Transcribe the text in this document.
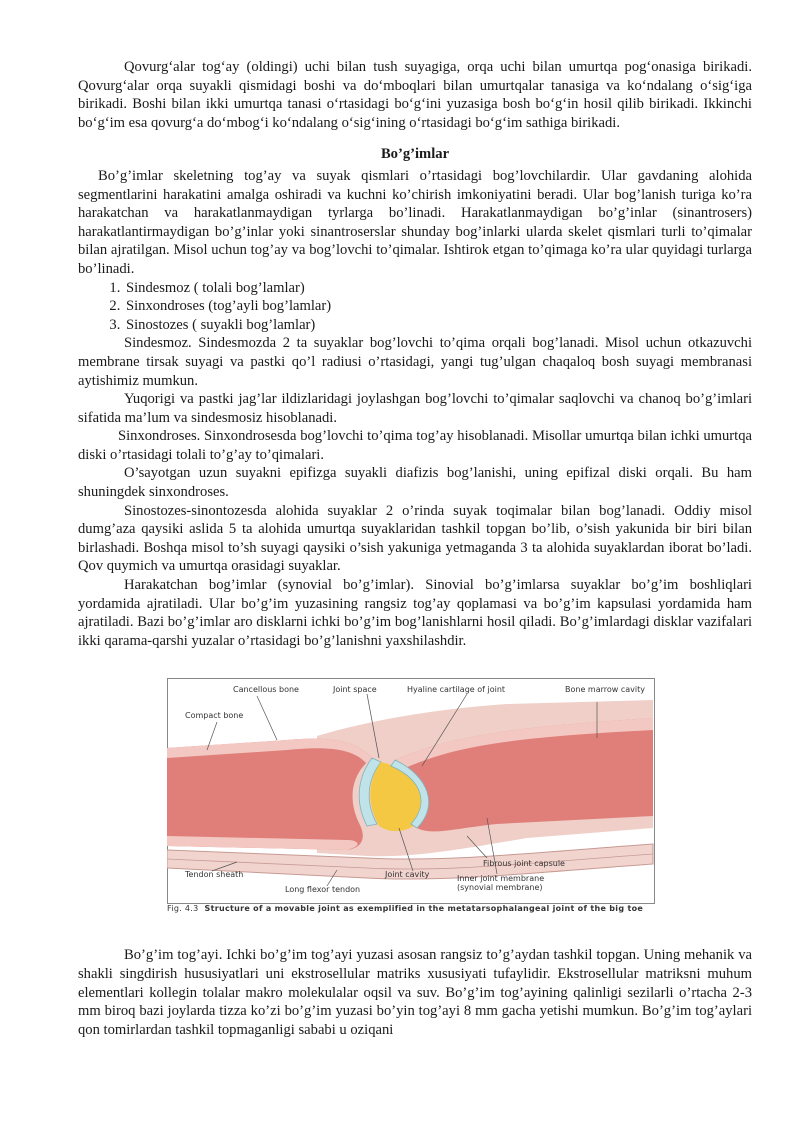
Qovurg‘alar tog‘ay (oldingi) uchi bilan tush suyagiga, orqa uchi bilan umurtqa pog‘onasiga birikadi. Qovurg‘alar orqa suyakli qismidagi boshi va do‘mboqlari bilan umurtqalar tanasiga va ko‘ndalang o‘sig‘iga birikadi. Boshi bilan ikki umurtqa tanasi o‘rtasidagi bo‘g‘ini yuzasiga bosh bo‘g‘in hosil qilib birikadi. Ikkinchi bo‘g‘im esa qovurg‘a do‘mbog‘i ko‘ndalang o‘sig‘ining o‘rtasidagi bo‘g‘im sathiga birikadi.

Bo’g’imlar

Bo’g’imlar skeletning tog’ay va suyak qismlari o’rtasidagi bog’lovchilardir. Ular gavdaning alohida segmentlarini harakatini amalga oshiradi va kuchni ko’chirish imkoniyatini beradi. Ular bog’lanish turiga ko’ra harakatchan va harakatlanmaydigan tyrlarga bo’linadi. Harakatlanmaydigan bo’g’inlar (sinantrosers) harakatlantirmaydigan bo’g’inlar yoki sinantroserslar shunday bog’inlarki ularda skelet qismlari turli to’qimalar bilan ajratilgan. Misol uchun tog’ay va bog’lovchi to’qimalar. Ishtirok etgan to’qimaga ko’ra ular quyidagi turlarga bo’linadi.

1. Sindesmoz ( tolali bog’lamlar)
2. Sinxondroses (tog’ayli bog’lamlar)
3. Sinostozes ( suyakli bog’lamlar)

Sindesmoz. Sindesmozda 2 ta suyaklar bog’lovchi to’qima orqali bog’lanadi. Misol uchun otkazuvchi membrane tirsak suyagi va pastki qo’l radiusi o’rtasidagi, yangi tug’ulgan chaqaloq bosh suyagi membranasi aytishimiz mumkun.

Yuqorigi va pastki jag’lar ildizlaridagi joylashgan bog’lovchi to’qimalar saqlovchi va chanoq bo’g’imlari sifatida ma’lum va sindesmosiz hisoblanadi.

Sinxondroses. Sinxondrosesda bog’lovchi to’qima tog’ay hisoblanadi. Misollar umurtqa bilan ichki umurtqa diski o’rtasidagi tolali to’g’ay to’qimalari.

O’sayotgan uzun suyakni epifizga suyakli diafizis bog’lanishi, uning epifizal diski orqali. Bu ham shuningdek sinxondroses.

Sinostozes-sinontozesda alohida suyaklar 2 o’rinda suyak toqimalar bilan bog’lanadi. Oddiy misol dumg’aza qaysiki aslida 5 ta alohida umurtqa suyaklaridan tashkil topgan bo’lib, o’sish yakunida bir biri bilan birlashadi. Boshqa misol to’sh suyagi qaysiki o’sish yakuniga yetmaganda 3 ta alohida suyaklardan iborat bo’ladi. Qov quymich va umurtqa orasidagi suyaklar.

Harakatchan bog’imlar (synovial bo’g’imlar). Sinovial bo’g’imlarsa suyaklar bo’g’im boshliqlari yordamida ajratiladi. Ular bo’g’im yuzasining rangsiz tog’ay qoplamasi va bo’g’im kapsulasi yordamida ham ajratiladi. Bazi bo’g’imlar aro disklarni ichki bo’g’im bog’lanishlarni hosil qiladi. Bo’g’imlardagi disklar vazifalari ikki qarama-qarshi yuzalar o’rtasidagi bo’g’lanishni yaxshilashdir.

Cancellous bone	Joint space	Hyaline cartilage of joint	Bone marrow cavity
Compact bone
Tendon sheath	Joint cavity
Fibrous joint capsule
Inner joint membrane
(synovial membrane)
Long flexor tendon
Fig. 4.3 Structure of a movable joint as exemplified in the metatarsophalangeal joint of the big toe

Bo’g’im tog’ayi. Ichki bo’g’im tog’ayi yuzasi asosan rangsiz to’g’aydan tashkil topgan. Uning mehanik va shakli singdirish hususiyatlari uni ekstrosellular matriks xususiyati tufaylidir. Ekstrosellular matriksni muhum elementlari kollegin tolalar makro molekulalar oqsil va suv. Bo’g’im tog’ayining qalinligi sezilarli o’rtacha 2-3 mm biroq bazi joylarda tizza ko’zi bo’g’im yuzasi bo’yin tog’ayi 8 mm gacha yetishi mumkun. Bo’g’im tog’aylari qon tomirlardan tashkil topmaganligi sababi u oziqani
